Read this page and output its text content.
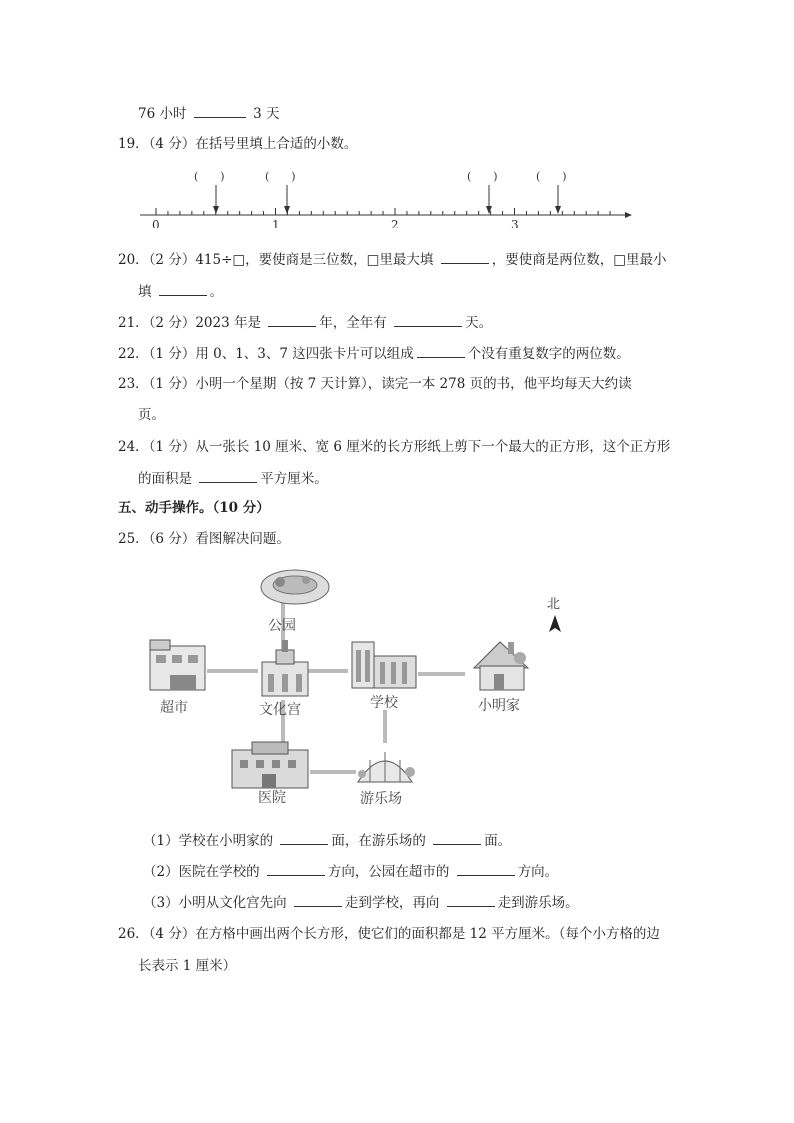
76 小时	3 天
19．（4 分）在括号里填上合适的小数。
0	1	2	3
(　　)	(　　)	(　　)	(　　)
20．（2 分）415÷□，要使商是三位数，□里最大填	，要使商是两位数，□里最小
填	。
21．（2 分）2023 年是	年，全年有	天。
22．（1 分）用 0、1、3、7 这四张卡片可以组成	个没有重复数字的两位数。
23．（1 分）小明一个星期（按 7 天计算），读完一本 278 页的书，他平均每天大约读
页。
24．（1 分）从一张长 10 厘米、宽 6 厘米的长方形纸上剪下一个最大的正方形，这个正方形
的面积是	平方厘米。
五、动手操作。（10 分）
25．（6 分）看图解决问题。
北
公园
超市	文化宫	学校	小明家
医院	游乐场
（1）学校在小明家的	面，在游乐场的	面。
（2）医院在学校的	方向，公园在超市的	方向。
（3）小明从文化宫先向	走到学校，再向	走到游乐场。
26．（4 分）在方格中画出两个长方形，使它们的面积都是 12 平方厘米。（每个小方格的边
长表示 1 厘米）
